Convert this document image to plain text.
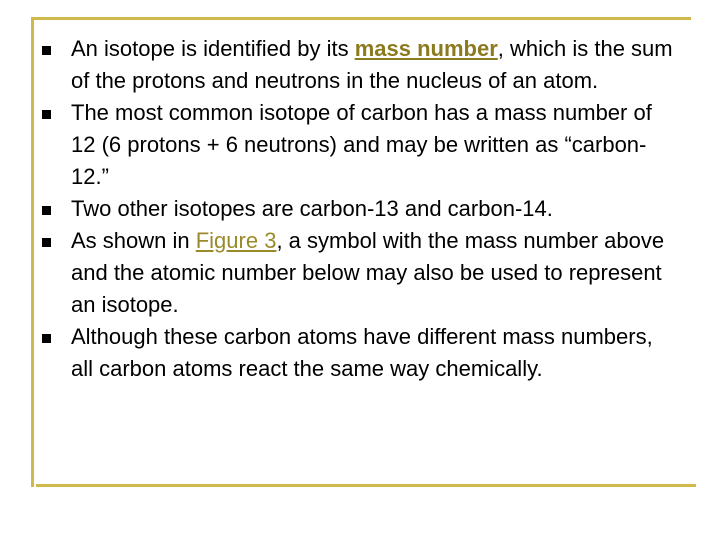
An isotope is identified by its mass number, which is the sum of the protons and neutrons in the nucleus of an atom.
The most common isotope of carbon has a mass number of 12 (6 protons + 6 neutrons) and may be written as “carbon-12.”
Two other isotopes are carbon-13 and carbon-14.
As shown in Figure 3, a symbol with the mass number above and the atomic number below may also be used to represent an isotope.
Although these carbon atoms have different mass numbers, all carbon atoms react the same way chemically.
